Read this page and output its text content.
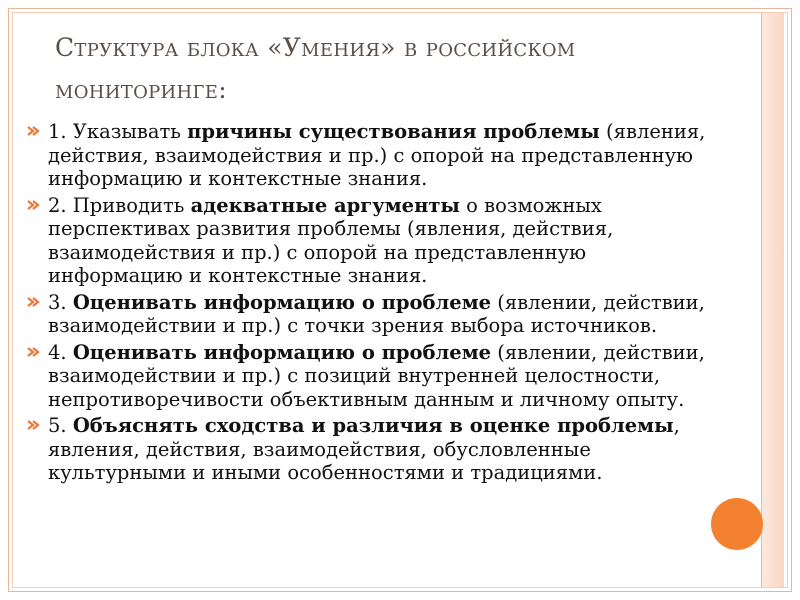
Структура блока «Умения» в российском мониторинге:
1. Указывать причины существования проблемы (явления, действия, взаимодействия и пр.) с опорой на представленную информацию и контекстные знания.
2. Приводить адекватные аргументы о возможных перспективах развития проблемы (явления, действия, взаимодействия и пр.) с опорой на представленную информацию и контекстные знания.
3. Оценивать информацию о проблеме (явлении, действии, взаимодействии и пр.) с точки зрения выбора источников.
4. Оценивать информацию о проблеме (явлении, действии, взаимодействии и пр.) с позиций внутренней целостности, непротиворечивости объективным данным и личному опыту.
5. Объяснять сходства и различия в оценке проблемы, явления, действия, взаимодействия, обусловленные культурными и иными особенностями и традициями.
